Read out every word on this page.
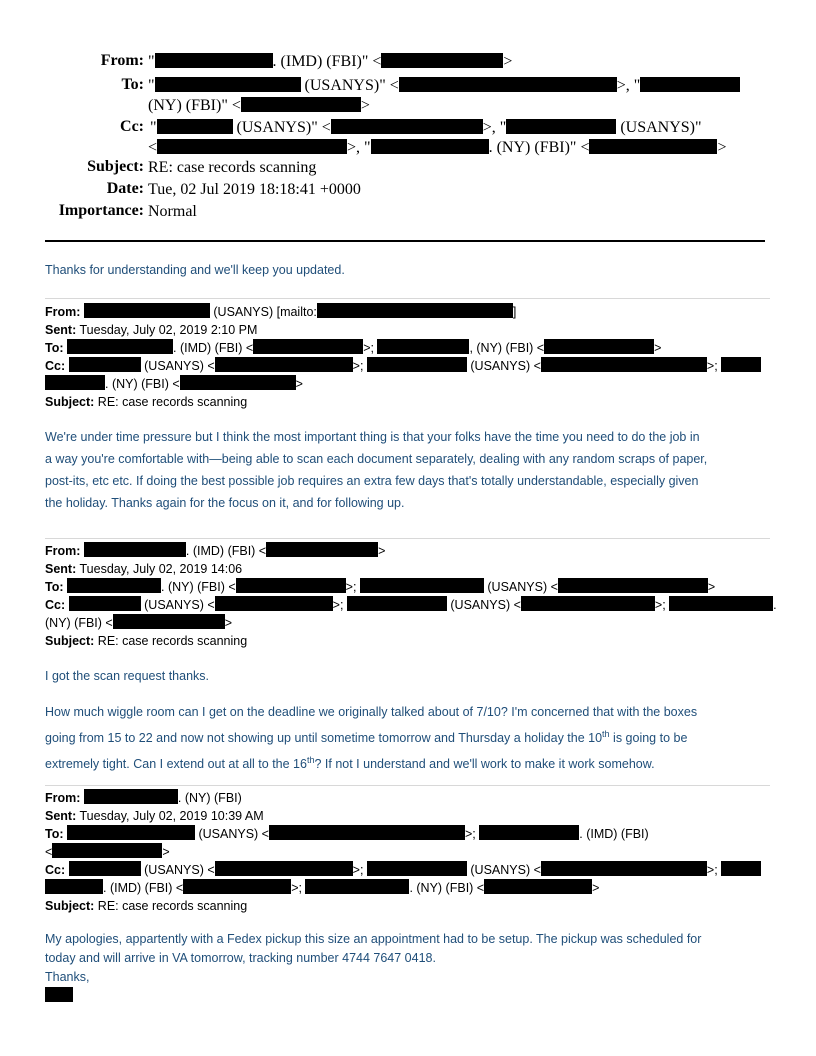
From: "	. (IMD) (FBI)" <	>
To: "	(USANYS)" <	>, "
(NY) (FBI)" <	>
Cc: "	(USANYS)" <	>, "	(USANYS)"
<	>, "	. (NY) (FBI)" <	>
Subject: RE: case records scanning
Date: Tue, 02 Jul 2019 18:18:41 +0000
Importance: Normal
Thanks for understanding and we'll keep you updated.
From:	(USANYS) [mailto:	]
Sent: Tuesday, July 02, 2019 2:10 PM
To:	. (IMD) (FBI) <	>;	, (NY) (FBI) <	>
Cc:	(USANYS) <	>;	(USANYS) <	>;
. (NY) (FBI) <	>
Subject: RE: case records scanning
We're under time pressure but I think the most important thing is that your folks have the time you need to do the job in
a way you're comfortable with—being able to scan each document separately, dealing with any random scraps of paper,
post-its, etc etc. If doing the best possible job requires an extra few days that's totally understandable, especially given
the holiday. Thanks again for the focus on it, and for following up.
From:	. (IMD) (FBI) <	>
Sent: Tuesday, July 02, 2019 14:06
To:	. (NY) (FBI) <	>;	(USANYS) <	>
Cc:	(USANYS) <	>;	(USANYS) <	>;	.
(NY) (FBI) <	>
Subject: RE: case records scanning
I got the scan request thanks.
How much wiggle room can I get on the deadline we originally talked about of 7/10? I'm concerned that with the boxes
going from 15 to 22 and now not showing up until sometime tomorrow and Thursday a holiday the 10th is going to be
extremely tight. Can I extend out at all to the 16th? If not I understand and we'll work to make it work somehow.
From:	. (NY) (FBI)
Sent: Tuesday, July 02, 2019 10:39 AM
To:	(USANYS) <	>;	. (IMD) (FBI)
<	>
Cc:	(USANYS) <	>;	(USANYS) <	>;
. (IMD) (FBI) <	>;	. (NY) (FBI) <	>
Subject: RE: case records scanning
My apologies, appartently with a Fedex pickup this size an appointment had to be setup. The pickup was scheduled for
today and will arrive in VA tomorrow, tracking number 4744 7647 0418.
Thanks,
